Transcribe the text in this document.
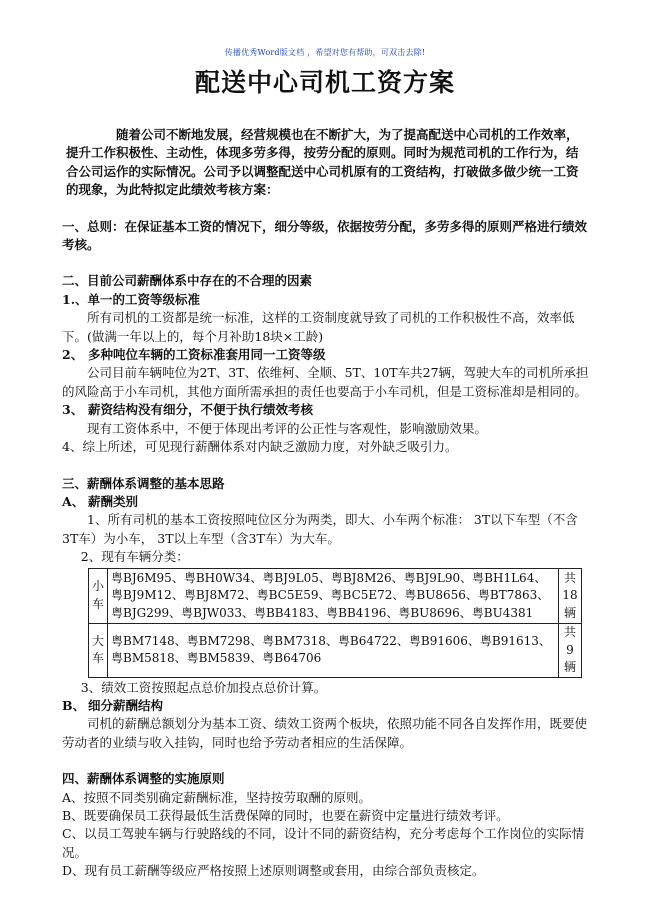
传播优秀Word版文档 ，希望对您有帮助，可双击去除!
配送中心司机工资方案

随着公司不断地发展，经营规模也在不断扩大，为了提高配送中心司机的工作效率，提升工作积极性、主动性，体现多劳多得，按劳分配的原则。同时为规范司机的工作行为，结合公司运作的实际情况。公司予以调整配送中心司机原有的工资结构，打破做多做少统一工资的现象，为此特拟定此绩效考核方案：

一、总则：在保证基本工资的情况下，细分等级，依据按劳分配，多劳多得的原则严格进行绩效考核。

二、目前公司薪酬体系中存在的不合理的因素

1.、单一的工资等级标准

所有司机的工资都是统一标准，这样的工资制度就导致了司机的工作积极性不高，效率低下。(做满一年以上的，每个月补助18块×工龄)

2、 多种吨位车辆的工资标准套用同一工资等级

公司目前车辆吨位为2T、3T、依维柯、全顺、5T、10T车共27辆，驾驶大车的司机所承担的风险高于小车司机，其他方面所需承担的责任也要高于小车司机，但是工资标准却是相同的。

3、 薪资结构没有细分，不便于执行绩效考核

现有工资体系中，不便于体现出考评的公正性与客观性，影响激励效果。

4、综上所述，可见现行薪酬体系对内缺乏激励力度，对外缺乏吸引力。

三、薪酬体系调整的基本思路

A、 薪酬类别

1、所有司机的基本工资按照吨位区分为两类，即大、小车两个标准： 3T以下车型（不含3T车）为小车， 3T以上车型（含3T车）为大车。

2、现有车辆分类：

小车	粤BJ6M95、粤BH0W34、粤BJ9L05、粤BJ8M26、粤BJ9L90、粤BH1L64、粤BJ9M12、粤BJ8M72、粤BC5E59、粤BC5E72、粤BU8656、粤BT7863、粤BJG299、粤BJW033、粤BB4183、粤BB4196、粤BU8696、粤BU4381	共18辆
大车	粤BM7148、粤BM7298、粤BM7318、粤B64722、粤B91606、粤B91613、粤BM5818、粤BM5839、粤B64706	共9辆

3、绩效工资按照起点总价加投点总价计算。

B、 细分薪酬结构

司机的薪酬总额划分为基本工资、绩效工资两个板块，依照功能不同各自发挥作用，既要使劳动者的业绩与收入挂钩，同时也给予劳动者相应的生活保障。

四、薪酬体系调整的实施原则

A、按照不同类别确定薪酬标准，坚持按劳取酬的原则。

B、既要确保员工获得最低生活费保障的同时，也要在薪资中定量进行绩效考评。

C、以员工驾驶车辆与行驶路线的不同，设计不同的薪资结构，充分考虑每个工作岗位的实际情况。

D、现有员工薪酬等级应严格按照上述原则调整或套用，由综合部负责核定。
